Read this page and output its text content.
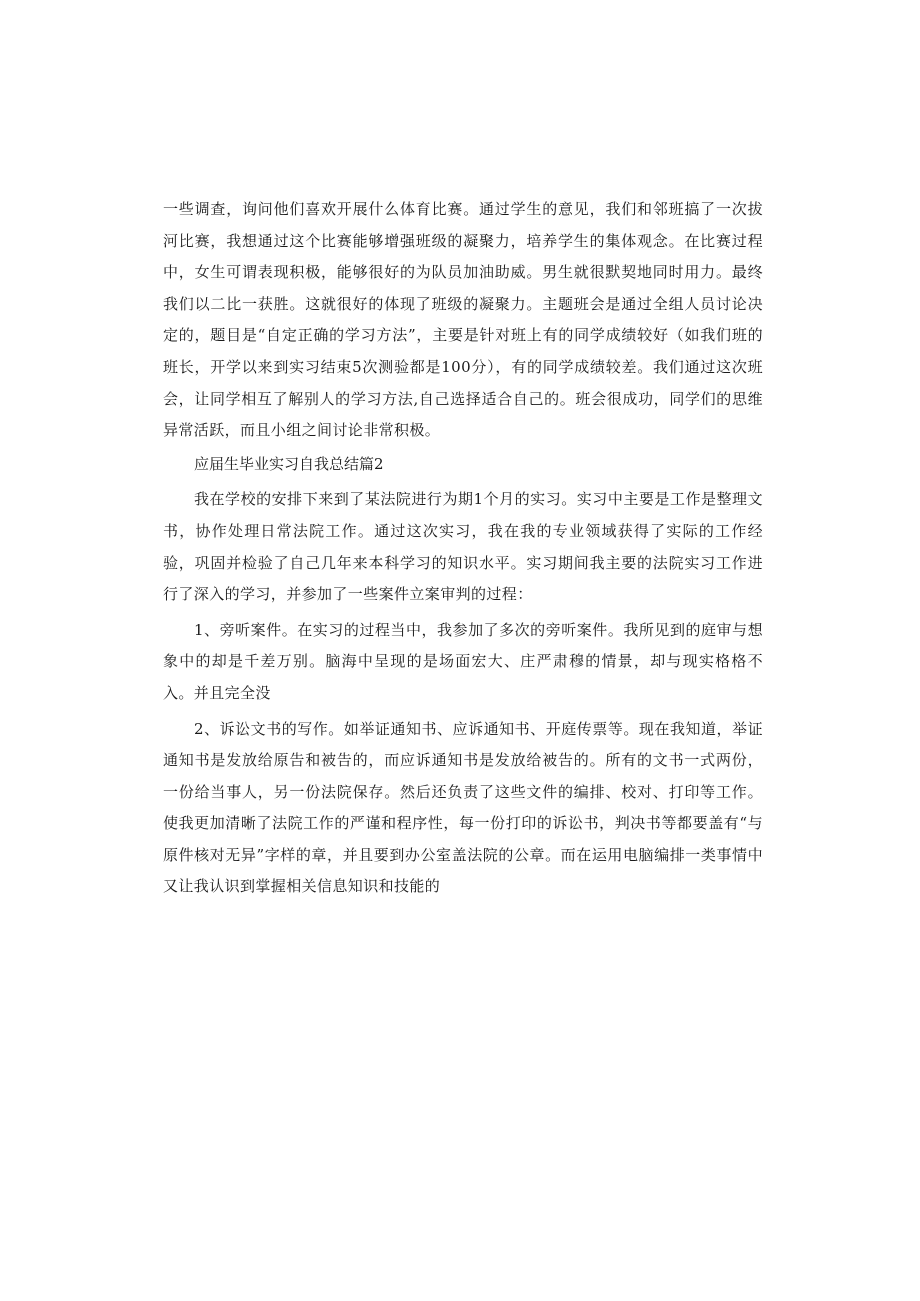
一些调查，询问他们喜欢开展什么体育比赛。通过学生的意见，我们和邻班搞了一次拔河比赛，我想通过这个比赛能够增强班级的凝聚力，培养学生的集体观念。在比赛过程中，女生可谓表现积极，能够很好的为队员加油助威。男生就很默契地同时用力。最终我们以二比一获胜。这就很好的体现了班级的凝聚力。主题班会是通过全组人员讨论决定的，题目是“自定正确的学习方法”，主要是针对班上有的同学成绩较好（如我们班的班长，开学以来到实习结束5次测验都是100分），有的同学成绩较差。我们通过这次班会，让同学相互了解别人的学习方法,自己选择适合自己的。班会很成功，同学们的思维异常活跃，而且小组之间讨论非常积极。

应届生毕业实习自我总结篇2

我在学校的安排下来到了某法院进行为期1个月的实习。实习中主要是工作是整理文书，协作处理日常法院工作。通过这次实习，我在我的专业领域获得了实际的工作经验，巩固并检验了自己几年来本科学习的知识水平。实习期间我主要的法院实习工作进行了深入的学习，并参加了一些案件立案审判的过程：

1、旁听案件。在实习的过程当中，我参加了多次的旁听案件。我所见到的庭审与想象中的却是千差万别。脑海中呈现的是场面宏大、庄严肃穆的情景，却与现实格格不入。并且完全没

2、诉讼文书的写作。如举证通知书、应诉通知书、开庭传票等。现在我知道，举证通知书是发放给原告和被告的，而应诉通知书是发放给被告的。所有的文书一式两份，一份给当事人，另一份法院保存。然后还负责了这些文件的编排、校对、打印等工作。使我更加清晰了法院工作的严谨和程序性，每一份打印的诉讼书，判决书等都要盖有“与原件核对无异”字样的章，并且要到办公室盖法院的公章。而在运用电脑编排一类事情中又让我认识到掌握相关信息知识和技能的
